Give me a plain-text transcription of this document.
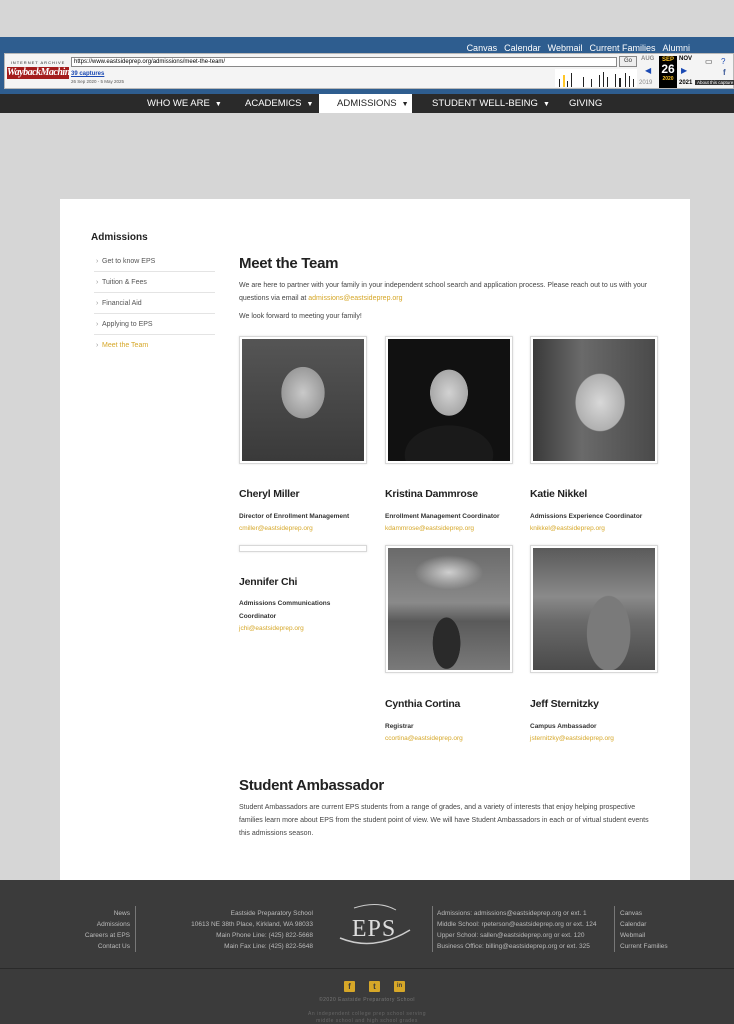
Canvas Calendar Webmail Current Families Alumni
INTERNET ARCHIVE
WaybackMachine
https://www.eastsideprep.org/admissions/meet-the-team/	Go
39 captures
26 Sep 2020 - 5 May 2025
AUG
◀
2019
SEP
26
2020
NOV
▶
2021
▭ ?
f
About this capture
WHO WE ARE ▼ ACADEMICS ▼	ADMISSIONS ▼	STUDENT WELL-BEING ▼ GIVING
Admissions
› Get to know EPS
› Tuition & Fees
› Financial Aid
› Applying to EPS
› Meet the Team
Meet the Team
We are here to partner with your family in your independent school search and application process. Please reach out to us with your questions via email at admissions@eastsideprep.org
We look forward to meeting your family!
Cheryl Miller
Director of Enrollment Management
cmiller@eastsideprep.org
Kristina Dammrose
Enrollment Management Coordinator
kdammrose@eastsideprep.org
Katie Nikkel
Admissions Experience Coordinator
knikkel@eastsideprep.org
Jennifer Chi
Admissions Communications
Coordinator
jchi@eastsideprep.org
Cynthia Cortina
Registrar
ccortina@eastsideprep.org
Jeff Sternitzky
Campus Ambassador
jsternitzky@eastsideprep.org
Student Ambassador
Student Ambassadors are current EPS students from a range of grades, and a variety of interests that enjoy helping prospective families learn more about EPS from the student point of view. We will have Student Ambassadors in each or of virtual student events this admissions season.
News
Admissions
Careers at EPS
Contact Us
Eastside Preparatory School
10613 NE 38th Place, Kirkland, WA 98033
Main Phone Line: (425) 822-5668
Main Fax Line: (425) 822-5648
EPS
Admissions: admissions@eastsideprep.org or ext. 1
Middle School: rpeterson@eastsideprep.org or ext. 124
Upper School: sallen@eastsideprep.org or ext. 120
Business Office: billing@eastsideprep.org or ext. 325
Canvas
Calendar
Webmail
Current Families
f	t	in
©2020 Eastside Preparatory School
An independent college prep school serving
middle school and high school grades
